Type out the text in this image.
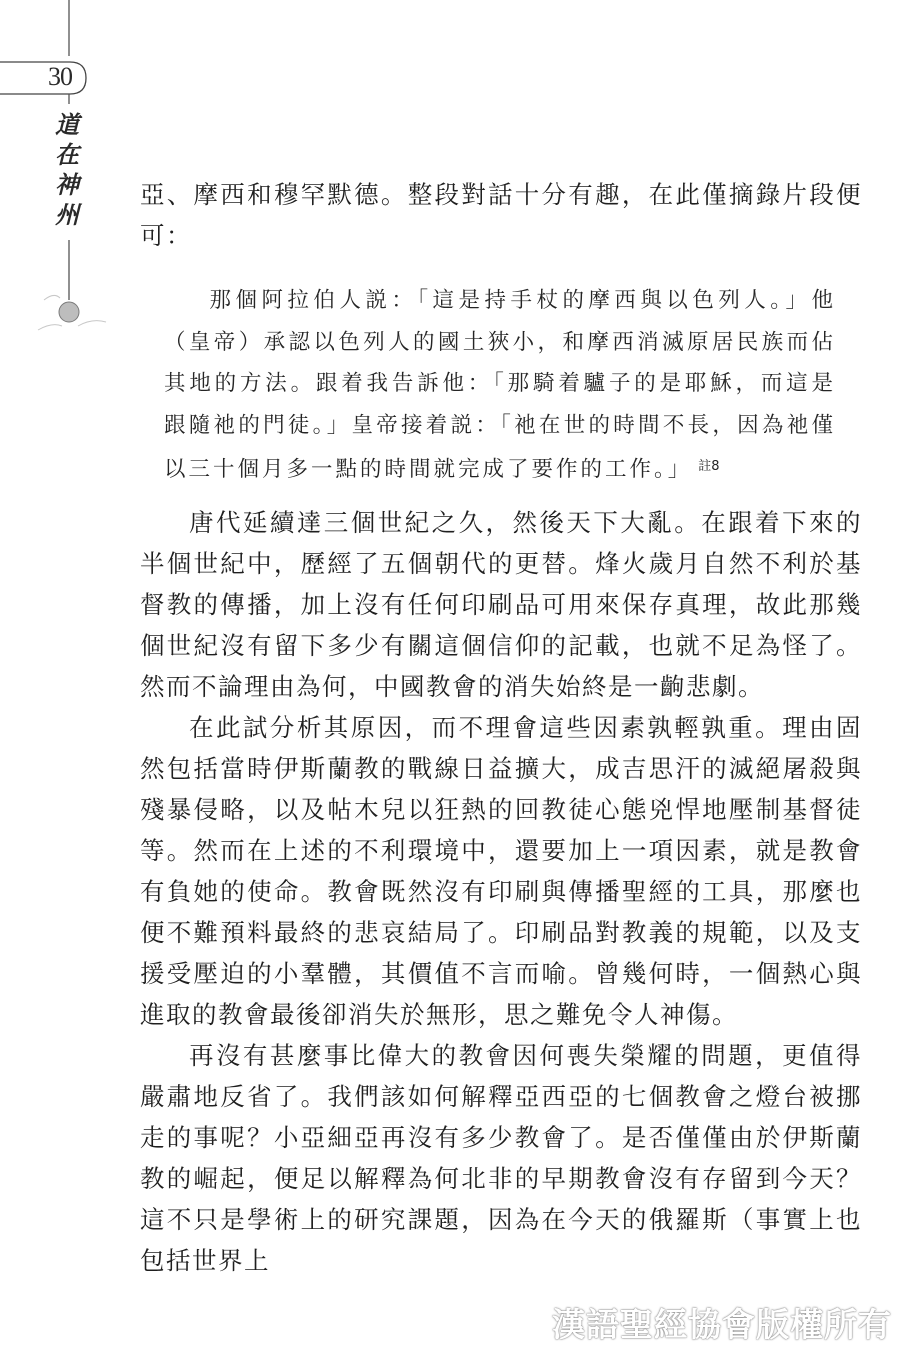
30
道在神州

亞、摩西和穆罕默德。整段對話十分有趣，在此僅摘錄片段便可：

那個阿拉伯人説：「這是持手杖的摩西與以色列人。」他（皇帝）承認以色列人的國土狹小，和摩西消滅原居民族而佔其地的方法。跟着我告訴他：「那騎着驢子的是耶穌，而這是跟隨祂的門徒。」皇帝接着説：「祂在世的時間不長，因為祂僅以三十個月多一點的時間就完成了要作的工作。」 $^{註8}$

唐代延續達三個世紀之久，然後天下大亂。在跟着下來的半個世紀中，歷經了五個朝代的更替。烽火歲月自然不利於基督教的傳播，加上沒有任何印刷品可用來保存真理，故此那幾個世紀沒有留下多少有關這個信仰的記載，也就不足為怪了。然而不論理由為何，中國教會的消失始終是一齣悲劇。

在此試分析其原因，而不理會這些因素孰輕孰重。理由固然包括當時伊斯蘭教的戰線日益擴大，成吉思汗的滅絕屠殺與殘暴侵略，以及帖木兒以狂熱的回教徒心態兇悍地壓制基督徒等。然而在上述的不利環境中，還要加上一項因素，就是教會有負她的使命。教會既然沒有印刷與傳播聖經的工具，那麼也便不難預料最終的悲哀結局了。印刷品對教義的規範，以及支援受壓迫的小羣體，其價值不言而喻。曾幾何時，一個熱心與進取的教會最後卻消失於無形，思之難免令人神傷。

再沒有甚麼事比偉大的教會因何喪失榮耀的問題，更值得嚴肅地反省了。我們該如何解釋亞西亞的七個教會之燈台被挪走的事呢？小亞細亞再沒有多少教會了。是否僅僅由於伊斯蘭教的崛起，便足以解釋為何北非的早期教會沒有存留到今天？這不只是學術上的研究課題，因為在今天的俄羅斯（事實上也包括世界上

漢語聖經協會版權所有
